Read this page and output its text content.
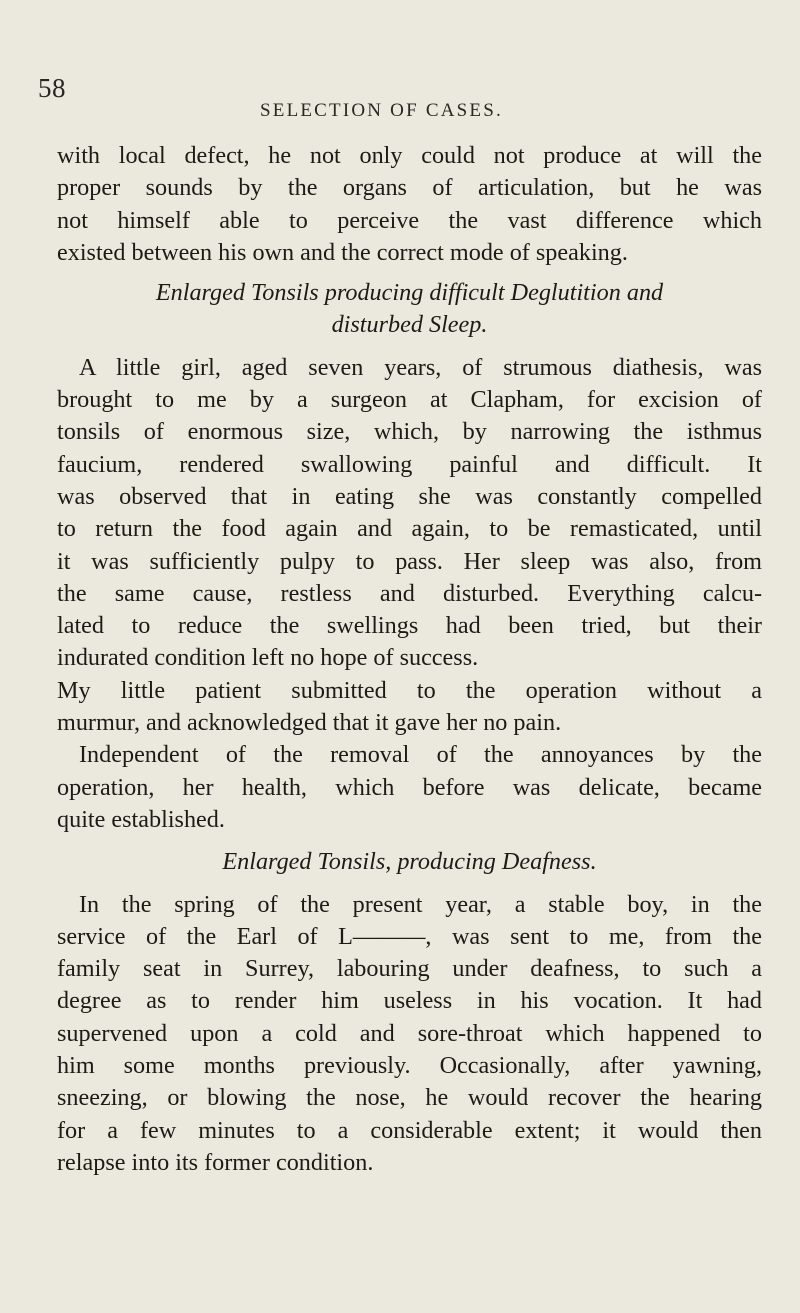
58
SELECTION OF CASES.
with local defect, he not only could not produce at will the
proper sounds by the organs of articulation, but he was
not himself able to perceive the vast difference which
existed between his own and the correct mode of speaking.
Enlarged Tonsils producing difficult Deglutition and
disturbed Sleep.
A little girl, aged seven years, of strumous diathesis, was
brought to me by a surgeon at Clapham, for excision of
tonsils of enormous size, which, by narrowing the isthmus
faucium, rendered swallowing painful and difficult. It
was observed that in eating she was constantly compelled
to return the food again and again, to be remasticated, until
it was sufficiently pulpy to pass. Her sleep was also, from
the same cause, restless and disturbed. Everything calcu-
lated to reduce the swellings had been tried, but their
indurated condition left no hope of success.
My little patient submitted to the operation without a
murmur, and acknowledged that it gave her no pain.
Independent of the removal of the annoyances by the
operation, her health, which before was delicate, became
quite established.
Enlarged Tonsils, producing Deafness.
In the spring of the present year, a stable boy, in the
service of the Earl of L———, was sent to me, from the
family seat in Surrey, labouring under deafness, to such a
degree as to render him useless in his vocation. It had
supervened upon a cold and sore-throat which happened to
him some months previously. Occasionally, after yawning,
sneezing, or blowing the nose, he would recover the hearing
for a few minutes to a considerable extent; it would then
relapse into its former condition.
